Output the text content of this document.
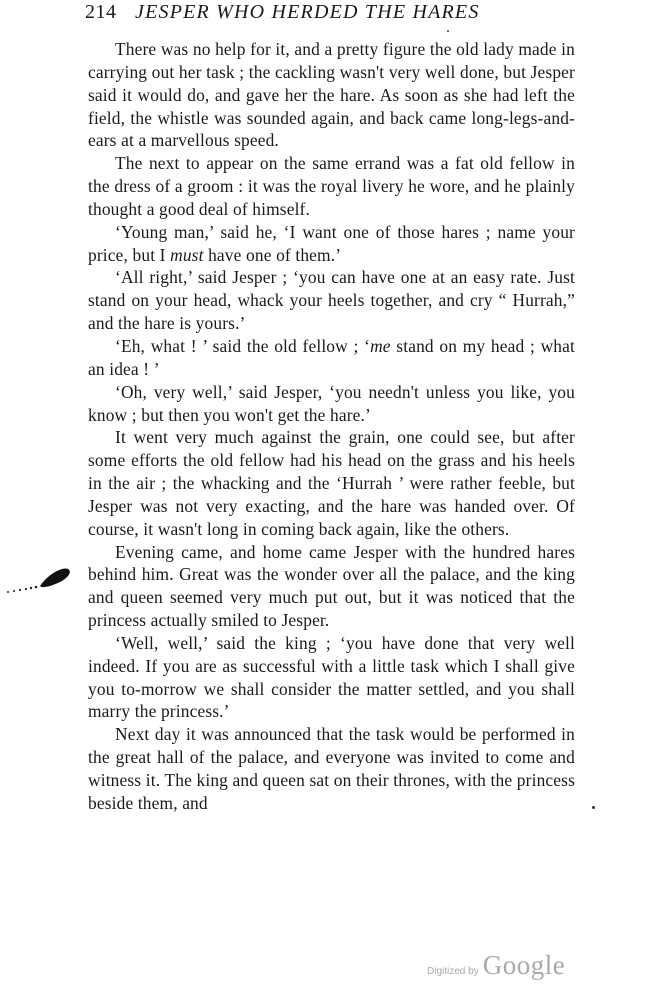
214 JESPER WHO HERDED THE HARES

There was no help for it, and a pretty figure the old lady made in carrying out her task ; the cackling wasn't very well done, but Jesper said it would do, and gave her the hare. As soon as she had left the field, the whistle was sounded again, and back came long-legs-and-ears at a marvellous speed.

The next to appear on the same errand was a fat old fellow in the dress of a groom : it was the royal livery he wore, and he plainly thought a good deal of himself.

‘Young man,’ said he, ‘I want one of those hares ; name your price, but I must have one of them.’

‘All right,’ said Jesper ; ‘you can have one at an easy rate. Just stand on your head, whack your heels together, and cry “ Hurrah,” and the hare is yours.’

‘Eh, what ! ’ said the old fellow ; ‘me stand on my head ; what an idea ! ’

‘Oh, very well,’ said Jesper, ‘you needn't unless you like, you know ; but then you won't get the hare.’

It went very much against the grain, one could see, but after some efforts the old fellow had his head on the grass and his heels in the air ; the whacking and the ‘Hurrah ’ were rather feeble, but Jesper was not very exacting, and the hare was handed over. Of course, it wasn't long in coming back again, like the others.

Evening came, and home came Jesper with the hundred hares behind him. Great was the wonder over all the palace, and the king and queen seemed very much put out, but it was noticed that the princess actually smiled to Jesper.

‘Well, well,’ said the king ; ‘you have done that very well indeed. If you are as successful with a little task which I shall give you to-morrow we shall consider the matter settled, and you shall marry the princess.’

Next day it was announced that the task would be performed in the great hall of the palace, and everyone was invited to come and witness it. The king and queen sat on their thrones, with the princess beside them, and

Digitized by Google
